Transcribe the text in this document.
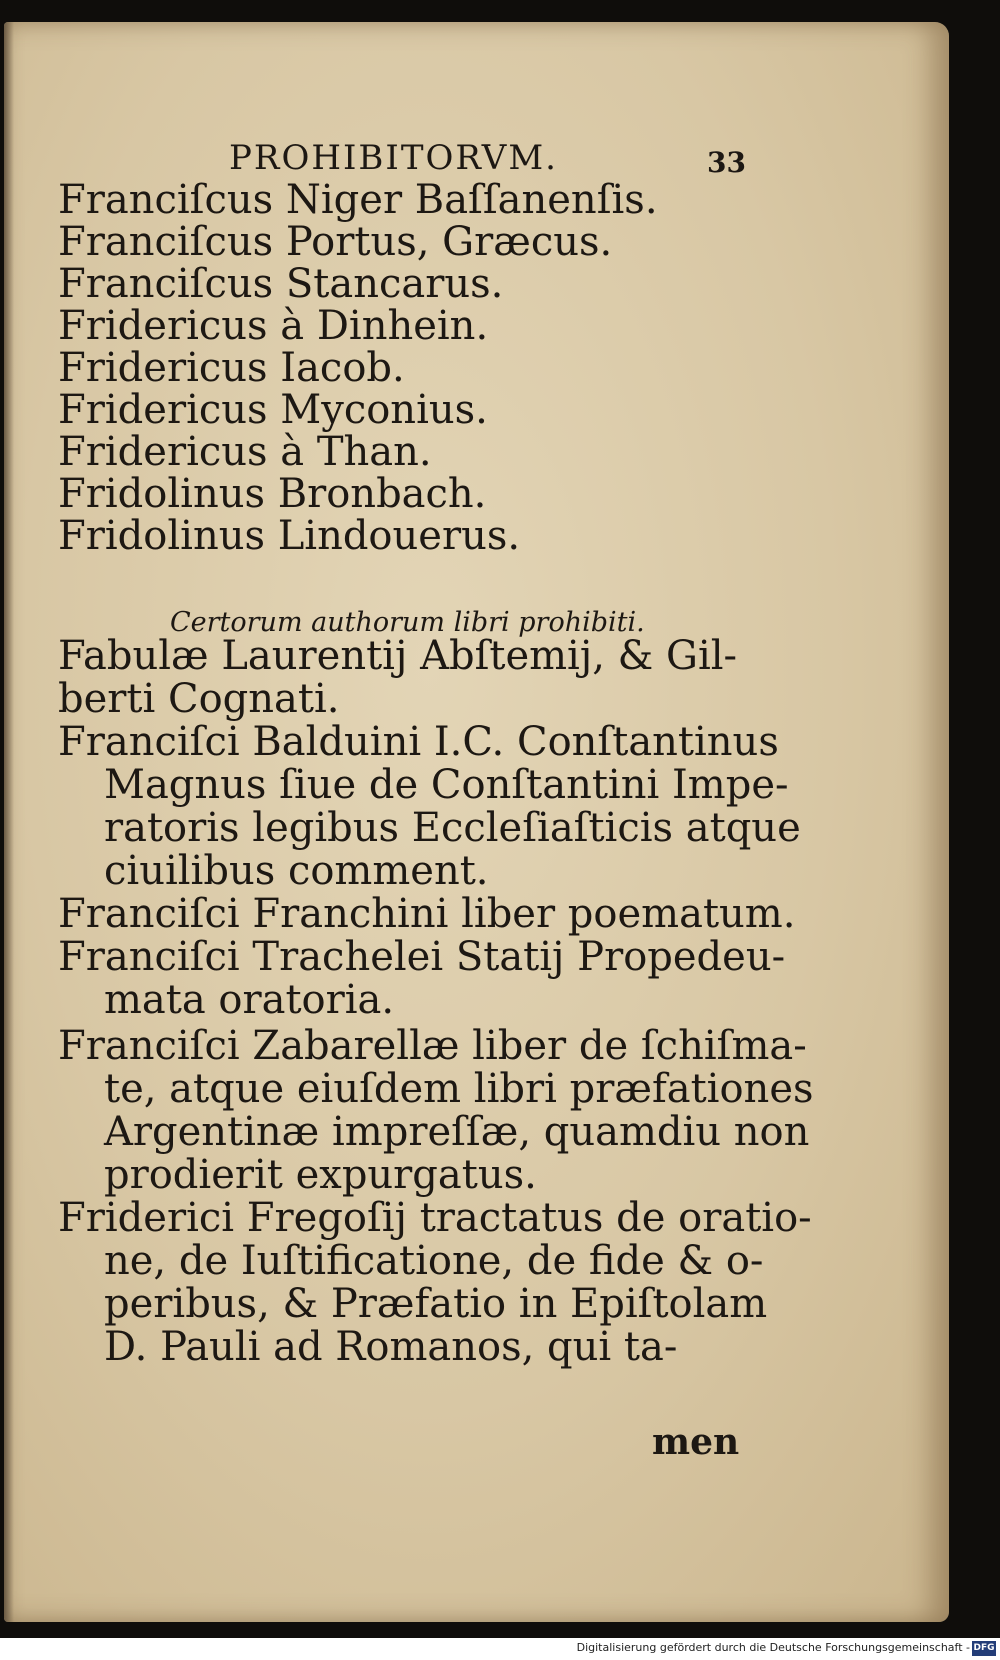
PROHIBITORVM.	33
Franciſcus Niger Baſſanenſis.
Franciſcus Portus, Græcus.
Franciſcus Stancarus.
Fridericus à Dinhein.
Fridericus Iacob.
Fridericus Myconius.
Fridericus à Than.
Fridolinus Bronbach.
Fridolinus Lindouerus.
Certorum authorum libri prohibiti.
Fabulæ Laurentij Abſtemij, & Gil-
berti Cognati.
Franciſci Balduini I.C. Conſtantinus
Magnus ſiue de Conſtantini Impe-
ratoris legibus Eccleſiaſticis atque
ciuilibus comment.
Franciſci Franchini liber poematum.
Franciſci Trachelei Statij Propedeu-
mata oratoria.
Franciſci Zabarellæ liber de ſchiſma-
te, atque eiuſdem libri præfationes
Argentinæ impreſſæ, quamdiu non
prodierit expurgatus.
Friderici Fregoſij tractatus de oratio-
ne, de Iuſtificatione, de fide & o-
peribus, & Præfatio in Epiſtolam
D. Pauli ad Romanos, qui ta-
men
Digitalisierung gefördert durch die Deutsche Forschungsgemeinschaft - DFG
